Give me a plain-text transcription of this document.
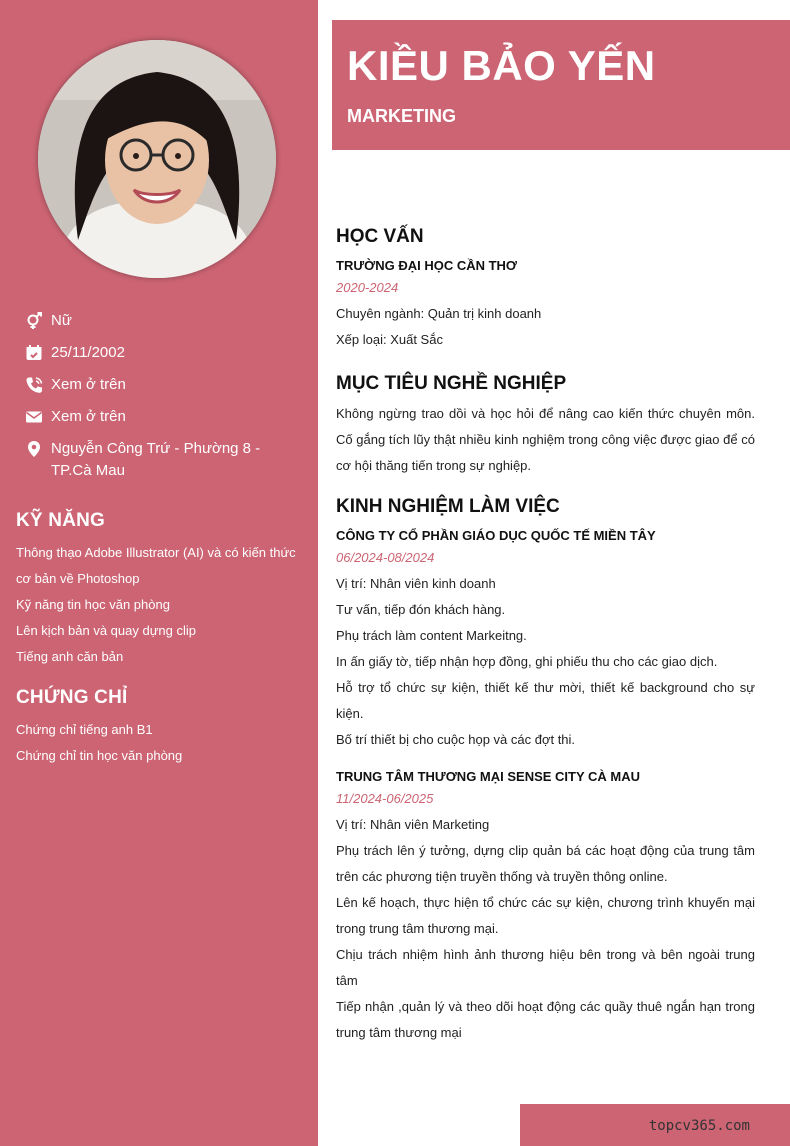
Nữ
25/11/2002
Xem ở trên
Xem ở trên
Nguyễn Công Trứ - Phường 8 - TP.Cà Mau
KỸ NĂNG
Thông thạo Adobe Illustrator (AI) và có kiến thức cơ bản về Photoshop
Kỹ năng tin học văn phòng
Lên kịch bản và quay dựng clip
Tiếng anh căn bản
CHỨNG CHỈ
Chứng chỉ tiếng anh B1
Chứng chỉ tin học văn phòng
KIỀU BẢO YẾN
MARKETING
HỌC VẤN
TRƯỜNG ĐẠI HỌC CẦN THƠ
2020-2024
Chuyên ngành: Quản trị kinh doanh
Xếp loại: Xuất Sắc
MỤC TIÊU NGHỀ NGHIỆP
Không ngừng trao dồi và học hỏi để nâng cao kiến thức chuyên môn. Cố gắng tích lũy thật nhiều kinh nghiệm trong công việc được giao để có cơ hội thăng tiến trong sự nghiệp.
KINH NGHIỆM LÀM VIỆC
CÔNG TY CỔ PHẦN GIÁO DỤC QUỐC TẾ MIỀN TÂY
06/2024-08/2024
Vị trí: Nhân viên kinh doanh
Tư vấn, tiếp đón khách hàng.
Phụ trách làm content Markeitng.
In ấn giấy tờ, tiếp nhận hợp đồng, ghi phiếu thu cho các giao dịch.
Hỗ trợ tổ chức sự kiện, thiết kế thư mời, thiết kế background cho sự kiện.
Bố trí thiết bị cho cuộc họp và các đợt thi.
TRUNG TÂM THƯƠNG MẠI SENSE CITY CÀ MAU
11/2024-06/2025
Vị trí: Nhân viên Marketing
Phụ trách lên ý tưởng, dựng clip quản bá các hoạt động của trung tâm trên các phương tiện truyền thống và truyền thông online.
Lên kế hoạch, thực hiện tổ chức các sự kiện, chương trình khuyến mại trong trung tâm thương mại.
Chịu trách nhiệm hình ảnh thương hiệu bên trong và bên ngoài trung tâm
Tiếp nhận ,quản lý và theo dõi hoạt động các quầy thuê ngắn hạn trong trung tâm thương mại
topcv365.com
